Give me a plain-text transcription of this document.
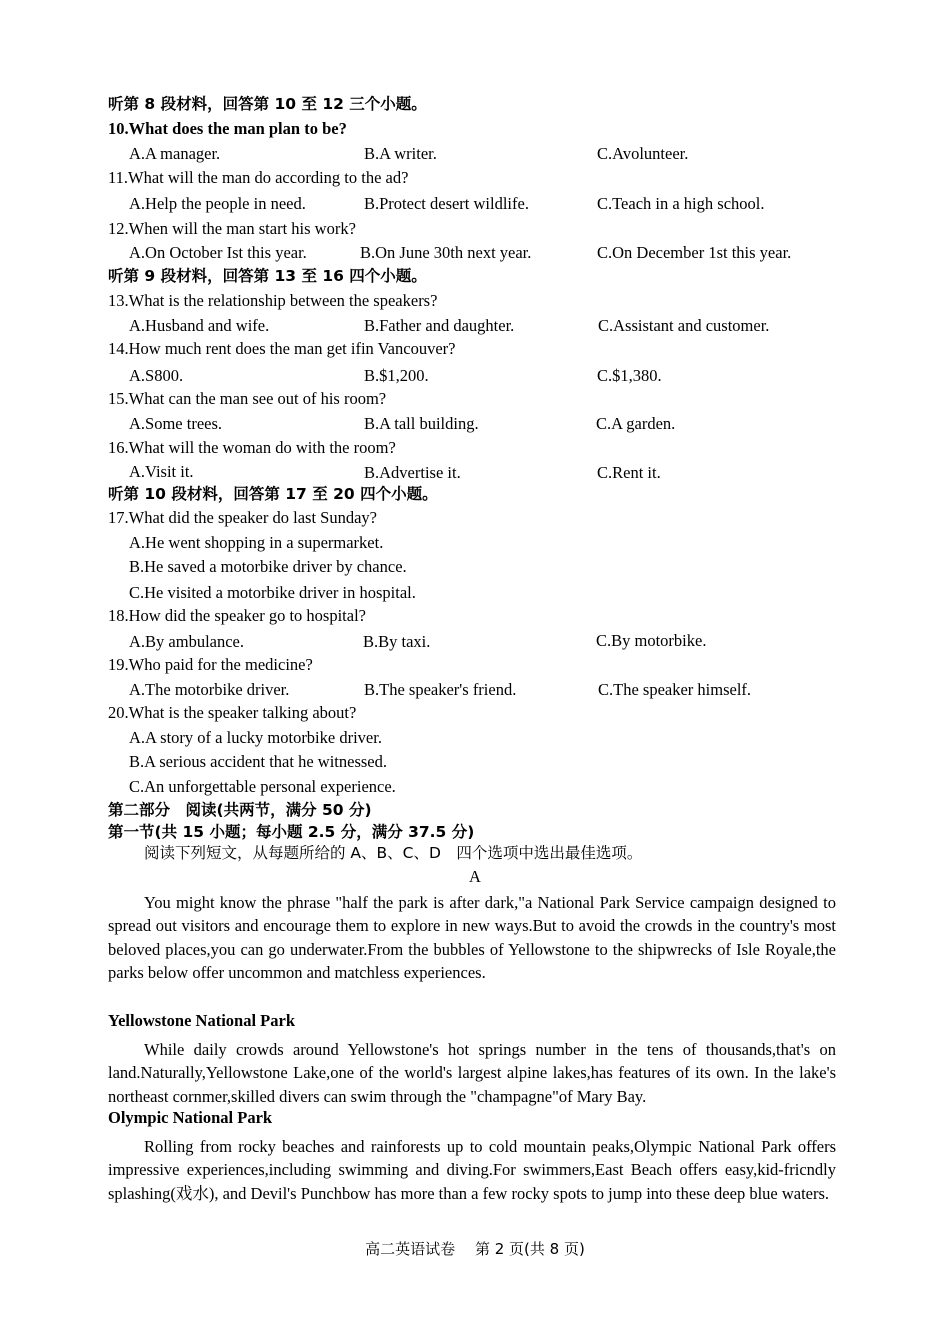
听第 8 段材料，回答第 10 至 12 三个小题。
10.What does the man plan to be?
A.A manager.	B.A writer.	C.Avolunteer.
11.What will the man do according to the ad?
A.Help the people in need.	B.Protect desert wildlife.	C.Teach in a high school.
12.When will the man start his work?
A.On October Ist this year.	B.On June 30th next year.	C.On December 1st this year.
听第 9 段材料，回答第 13 至 16 四个小题。
13.What is the relationship between the speakers?
A.Husband and wife.	B.Father and daughter.	C.Assistant and customer.
14.How much rent does the man get ifin Vancouver?
A.S800.	B.$1,200.	C.$1,380.
15.What can the man see out of his room?
A.Some trees.	B.A tall building.	C.A garden.
16.What will the woman do with the room?
A.Visit it.	B.Advertise it.	C.Rent it.
听第 10 段材料，回答第 17 至 20 四个小题。
17.What did the speaker do last Sunday?
A.He went shopping in a supermarket.
B.He saved a motorbike driver by chance.
C.He visited a motorbike driver in hospital.
18.How did the speaker go to hospital?
A.By ambulance.	B.By taxi.	C.By motorbike.
19.Who paid for the medicine?
A.The motorbike driver.	B.The speaker's friend.	C.The speaker himself.
20.What is the speaker talking about?
A.A story of a lucky motorbike driver.
B.A serious accident that he witnessed.
C.An unforgettable personal experience.
第二部分　阅读(共两节，满分 50 分)
第一节(共 15 小题；每小题 2.5 分，满分 37.5 分)
阅读下列短文，从每题所给的 A、B、C、D　四个选项中选出最佳选项。
A

You might know the phrase "half the park is after dark,"a National Park Service campaign designed to spread out visitors and encourage them to explore in new ways.But to avoid the crowds in the country's most beloved places,you can go underwater.From the bubbles of Yellowstone to the shipwrecks of Isle Royale,the parks below offer uncommon and matchless experiences.

Yellowstone National Park

While daily crowds around Yellowstone's hot springs number in the tens of thousands,that's on land.Naturally,Yellowstone Lake,one of the world's largest alpine lakes,has features of its own. In the lake's northeast cornmer,skilled divers can swim through the "champagne"of Mary Bay.

Olympic National Park

Rolling from rocky beaches and rainforests up to cold mountain peaks,Olympic National Park offers impressive experiences,including swimming and diving.For swimmers,East Beach offers easy,kid-fricndly splashing(戏水), and Devil's Punchbow has more than a few rocky spots to jump into these deep blue waters.

高二英语试卷　 第 2 页(共 8 页)
